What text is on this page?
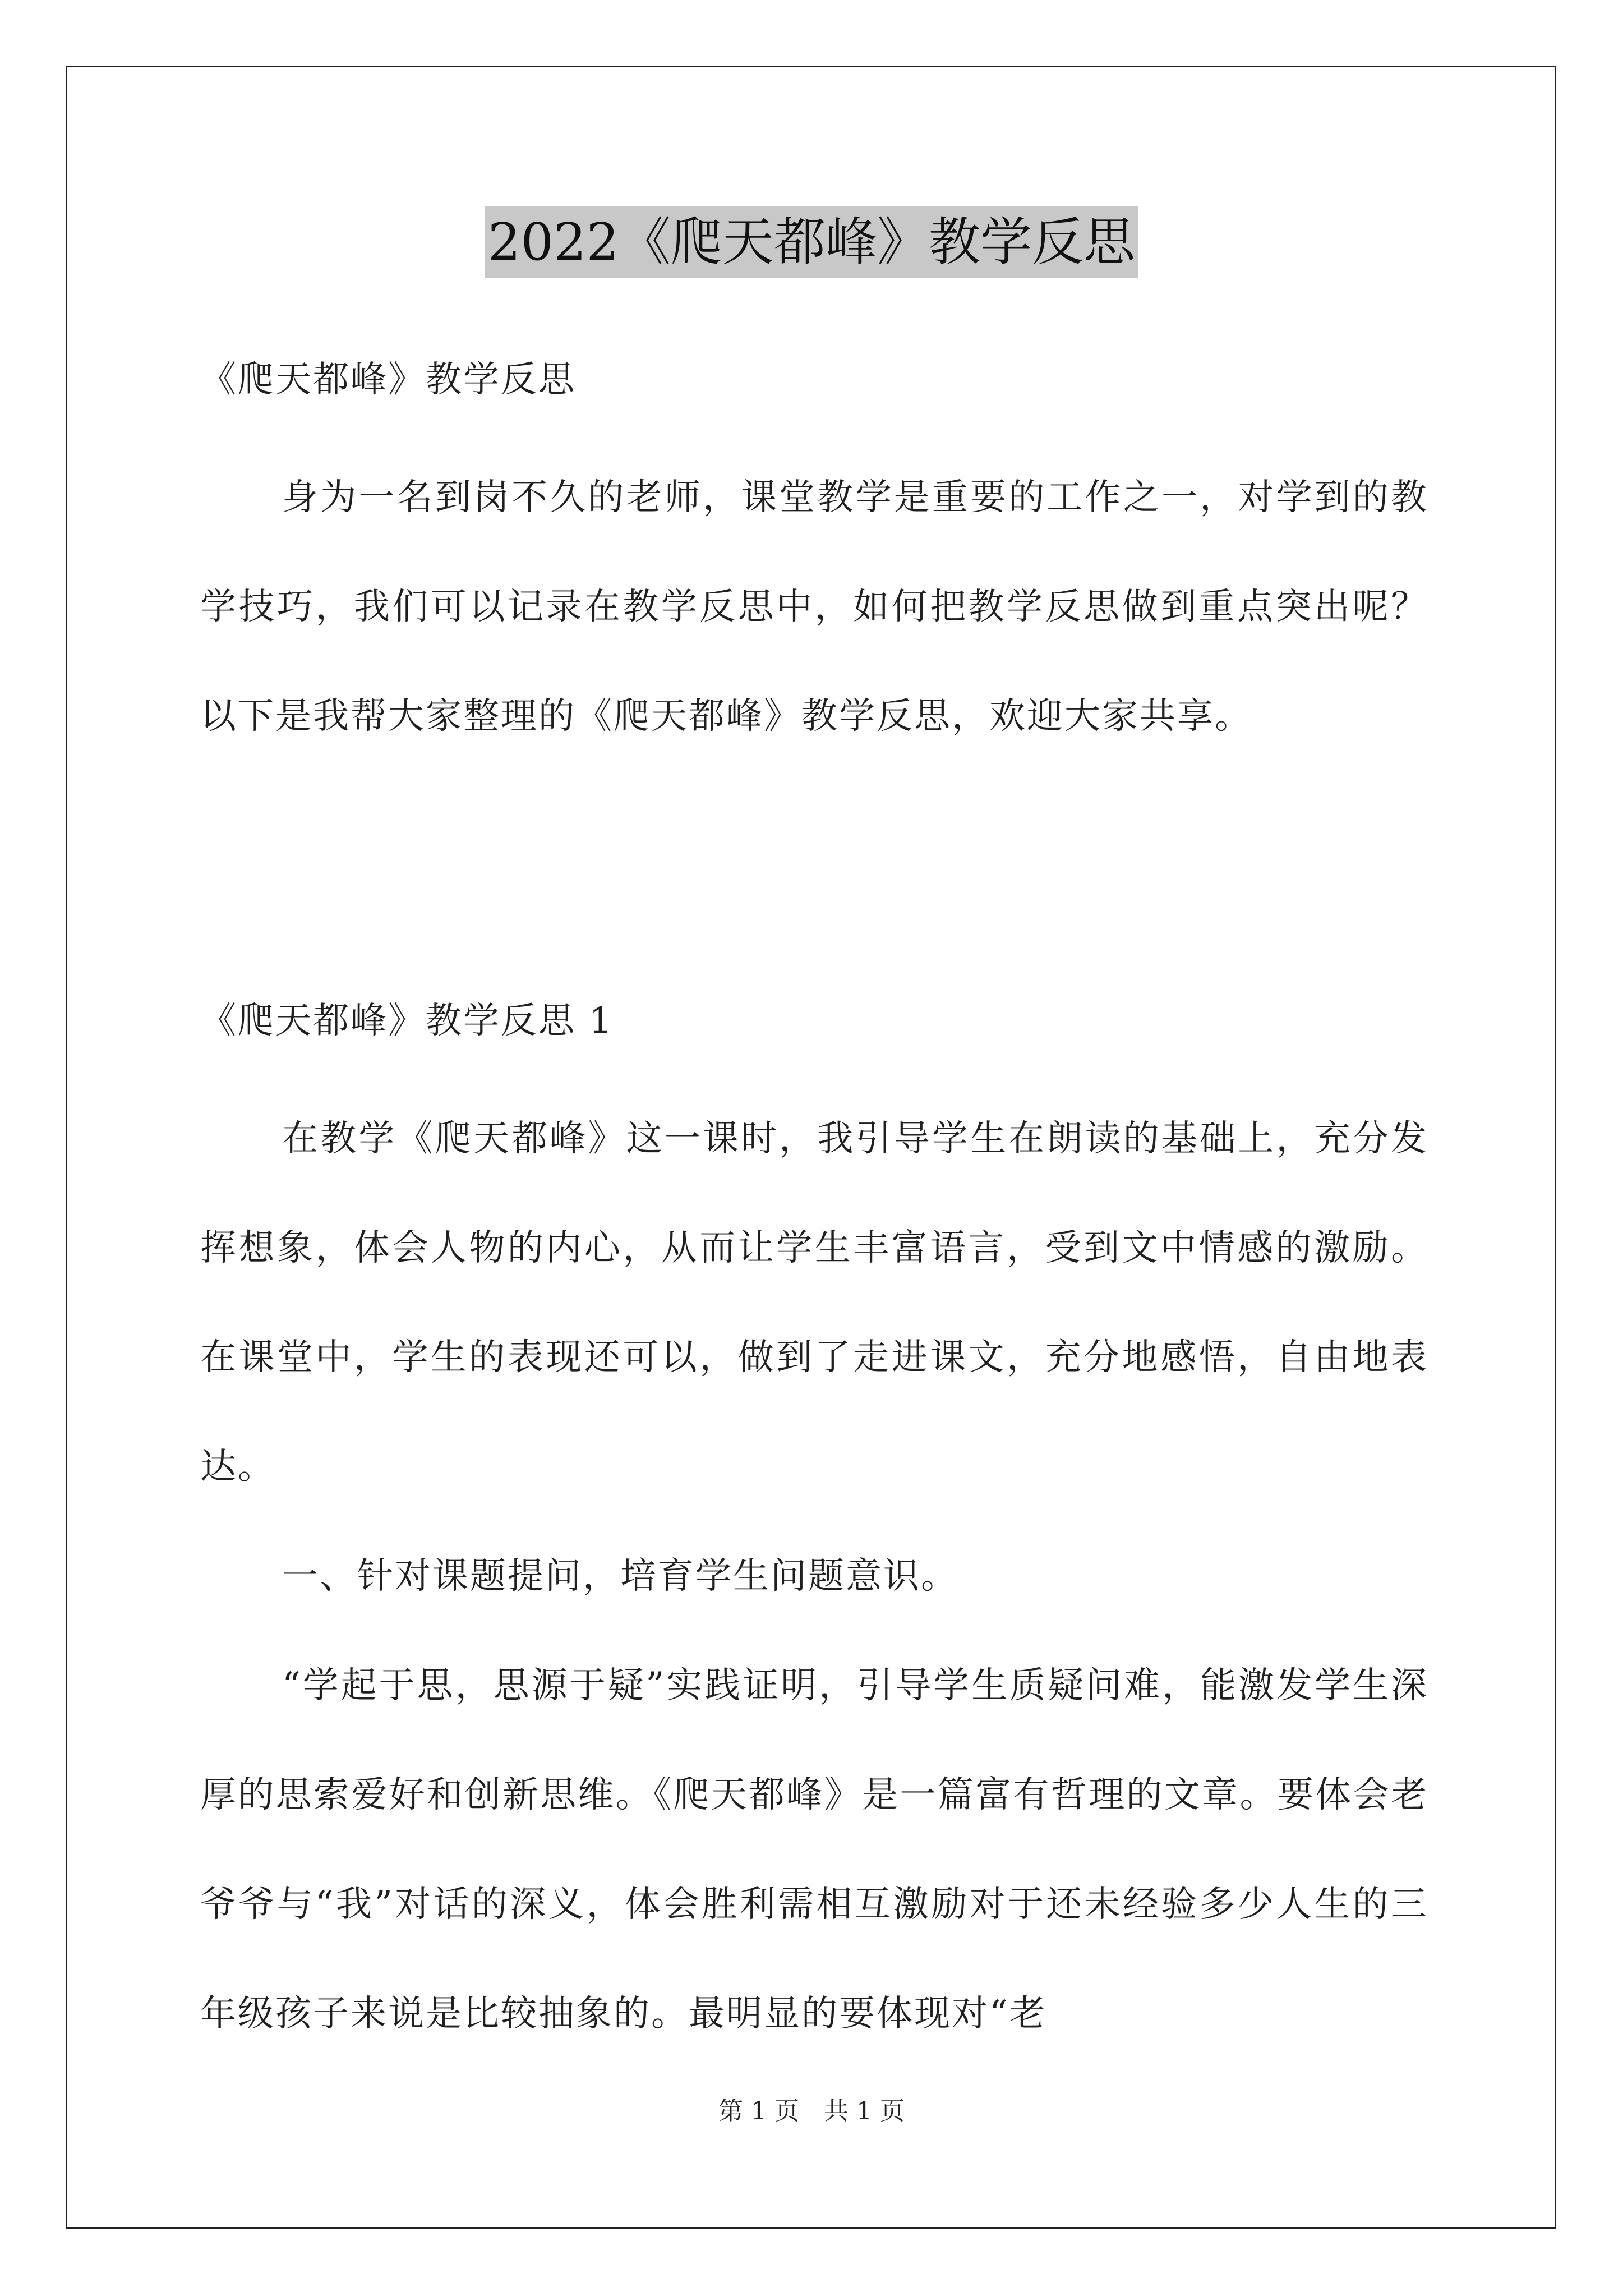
2022《爬天都峰》教学反思
《爬天都峰》教学反思

身为一名到岗不久的老师，课堂教学是重要的工作之一，对学到的教学技巧，我们可以记录在教学反思中，如何把教学反思做到重点突出呢？以下是我帮大家整理的《爬天都峰》教学反思，欢迎大家共享。

《爬天都峰》教学反思 1

在教学《爬天都峰》这一课时，我引导学生在朗读的基础上，充分发挥想象，体会人物的内心，从而让学生丰富语言，受到文中情感的激励。在课堂中，学生的表现还可以，做到了走进课文，充分地感悟，自由地表达。

一、针对课题提问，培育学生问题意识。

“学起于思，思源于疑”实践证明，引导学生质疑问难，能激发学生深厚的思索爱好和创新思维。《爬天都峰》是一篇富有哲理的文章。要体会老爷爷与“我”对话的深义，体会胜利需相互激励对于还未经验多少人生的三年级孩子来说是比较抽象的。最明显的要体现对“老

第 1 页　共 1 页
